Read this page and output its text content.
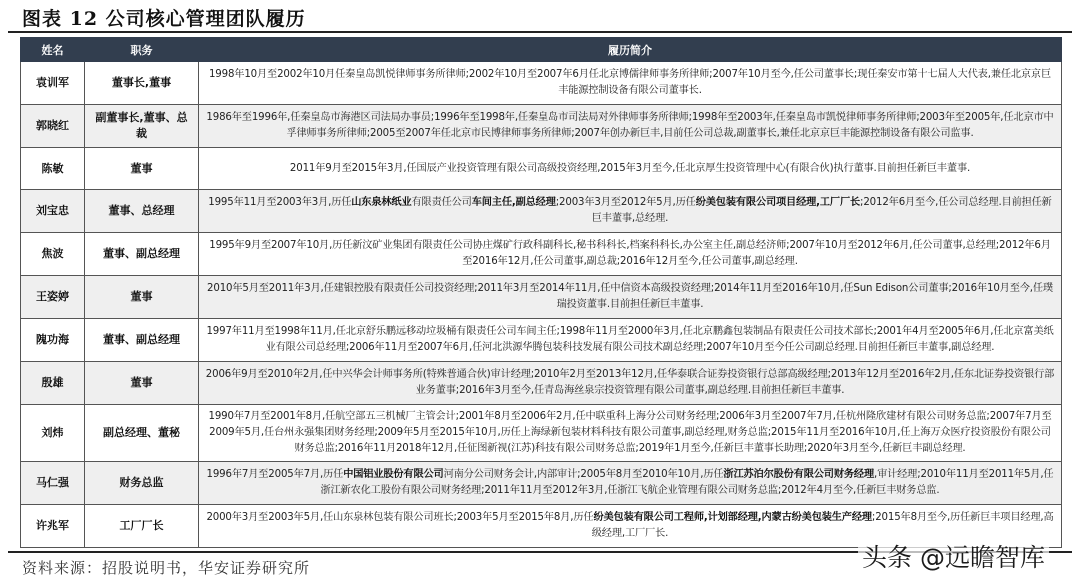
图表 12 公司核心管理团队履历
姓名	职务	履历简介
袁训军	董事长,董事	1998年10月至2002年10月任秦皇岛凯悦律师事务所律师;2002年10月至2007年6月任北京博儒律师事务所律师;2007年10月至今,任公司董事长;现任秦安市第十七届人大代表,兼任北京京巨丰能源控制设备有限公司董事长.
郭晓红	副董事长,董事、总裁	1986年至1996年,任秦皇岛市海港区司法局办事员;1996年至1998年,任秦皇岛市司法局对外律师事务所律师;1998年至2003年,任秦皇岛市凯悦律师事务所律师;2003年至2005年,任北京市中孚律师事务所律师;2005至2007年任北京市民博律师事务所律师;2007年创办新巨丰,目前任公司总裁,副董事长,兼任北京京巨丰能源控制设备有限公司监事.
陈敏	董事	2011年9月至2015年3月,任国辰产业投资管理有限公司高级投资经理,2015年3月至今,任北京厚生投资管理中心(有限合伙)执行董事.目前担任新巨丰董事.
刘宝忠	董事、总经理	1995年11月至2003年3月,历任山东泉林纸业有限责任公司车间主任,副总经理;2003年3月至2012年5月,历任纷美包装有限公司项目经理,工厂厂长;2012年6月至今,任公司总经理.目前担任新巨丰董事,总经理.
焦波	董事、副总经理	1995年9月至2007年10月,历任新汶矿业集团有限责任公司协庄煤矿行政科副科长,秘书科科长,档案科科长,办公室主任,副总经济师;2007年10月至2012年6月,任公司董事,总经理;2012年6月至2016年12月,任公司董事,副总裁;2016年12月至今,任公司董事,副总经理.
王姿婷	董事	2010年5月至2011年3月,任建银控股有限责任公司投资经理;2011年3月至2014年11月,任中信资本高级投资经理;2014年11月至2016年10月,任Sun Edison公司董事;2016年10月至今,任璞瑞投资董事.目前担任新巨丰董事.
隗功海	董事、副总经理	1997年11月至1998年11月,任北京舒乐鹏远移动垃圾桶有限责任公司车间主任;1998年11月至2000年3月,任北京鹏鑫包装制品有限责任公司技术部长;2001年4月至2005年6月,任北京富美纸业有限公司总经理;2006年11月至2007年6月,任河北洪源华腾包装科技发展有限公司技术副总经理;2007年10月至今任公司副总经理.目前担任新巨丰董事,副总经理.
殷雄	董事	2006年9月至2010年2月,任中兴华会计师事务所(特殊普通合伙)审计经理;2010年2月至2013年12月,任华泰联合证券投资银行总部高级经理;2013年12月至2016年2月,任东北证券投资银行部业务董事;2016年3月至今,任青岛海丝泉宗投资管理有限公司董事,副总经理.目前担任新巨丰董事.
刘炜	副总经理、董秘	1990年7月至2001年8月,任航空部五三机械厂主管会计;2001年8月至2006年2月,任中联重科上海分公司财务经理;2006年3月至2007年7月,任杭州隆欣建材有限公司财务总监;2007年7月至2009年5月,任台州永强集团财务经理;2009年5月至2015年10月,历任上海绿新包装材料科技有限公司董事,副总经理,财务总监;2015年11月至2016年10月,任上海万众医疗投资股份有限公司财务总监;2016年11月2018年12月,任征图新视(江苏)科技有限公司财务总监;2019年1月至今,任新巨丰董事长助理;2020年3月至今,任新巨丰副总经理.
马仁强	财务总监	1996年7月至2005年7月,历任中国铝业股份有限公司河南分公司财务会计,内部审计;2005年8月至2010年10月,历任浙江苏泊尔股份有限公司财务经理,审计经理;2010年11月至2011年5月,任浙江新农化工股份有限公司财务经理;2011年11月至2012年3月,任浙江飞航企业管理有限公司财务总监;2012年4月至今,任新巨丰财务总监.
许兆军	工厂厂长	2000年3月至2003年5月,任山东泉林包装有限公司班长;2003年5月至2015年8月,历任纷美包装有限公司工程师,计划部经理,内蒙古纷美包装生产经理;2015年8月至今,历任新巨丰项目经理,高级经理,工厂厂长.
资料来源：招股说明书，华安证券研究所	头条 @远瞻智库
